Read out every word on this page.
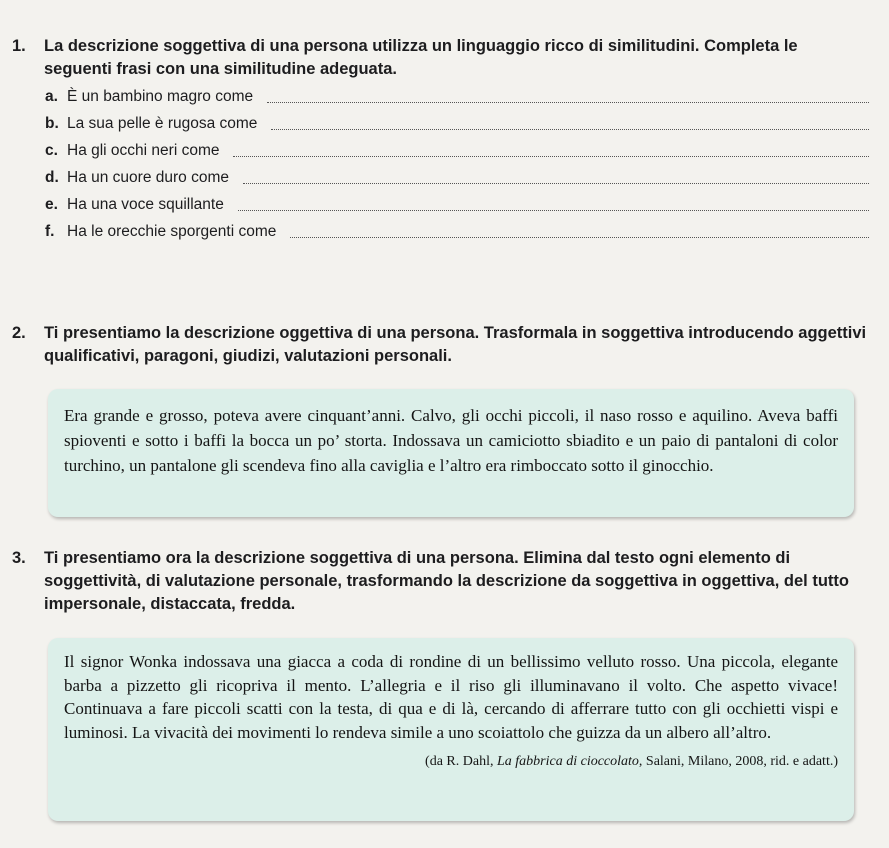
1.	La descrizione soggettiva di una persona utilizza un linguaggio ricco di similitudini. Completa le seguenti frasi con una similitudine adeguata.
a. È un bambino magro come
b. La sua pelle è rugosa come
c. Ha gli occhi neri come
d. Ha un cuore duro come
e. Ha una voce squillante
f. Ha le orecchie sporgenti come
2.	Ti presentiamo la descrizione oggettiva di una persona. Trasformala in soggettiva introducendo aggettivi qualificativi, paragoni, giudizi, valutazioni personali.

Era grande e grosso, poteva avere cinquant’anni. Calvo, gli occhi piccoli, il naso rosso e aquilino. Aveva baffi spioventi e sotto i baffi la bocca un po’ storta. Indossava un camiciotto sbiadito e un paio di pantaloni di color turchino, un pantalone gli scendeva fino alla caviglia e l’altro era rimboccato sotto il ginocchio.

3.	Ti presentiamo ora la descrizione soggettiva di una persona. Elimina dal testo ogni elemento di soggettività, di valutazione personale, trasformando la descrizione da soggettiva in oggettiva, del tutto impersonale, distaccata, fredda.

Il signor Wonka indossava una giacca a coda di rondine di un bellissimo velluto rosso. Una piccola, elegante barba a pizzetto gli ricopriva il mento. L’allegria e il riso gli illuminavano il volto. Che aspetto vivace! Continuava a fare piccoli scatti con la testa, di qua e di là, cercando di afferrare tutto con gli occhietti vispi e luminosi. La vivacità dei movimenti lo rendeva simile a uno scoiattolo che guizza da un albero all’altro.

(da R. Dahl, La fabbrica di cioccolato, Salani, Milano, 2008, rid. e adatt.)
